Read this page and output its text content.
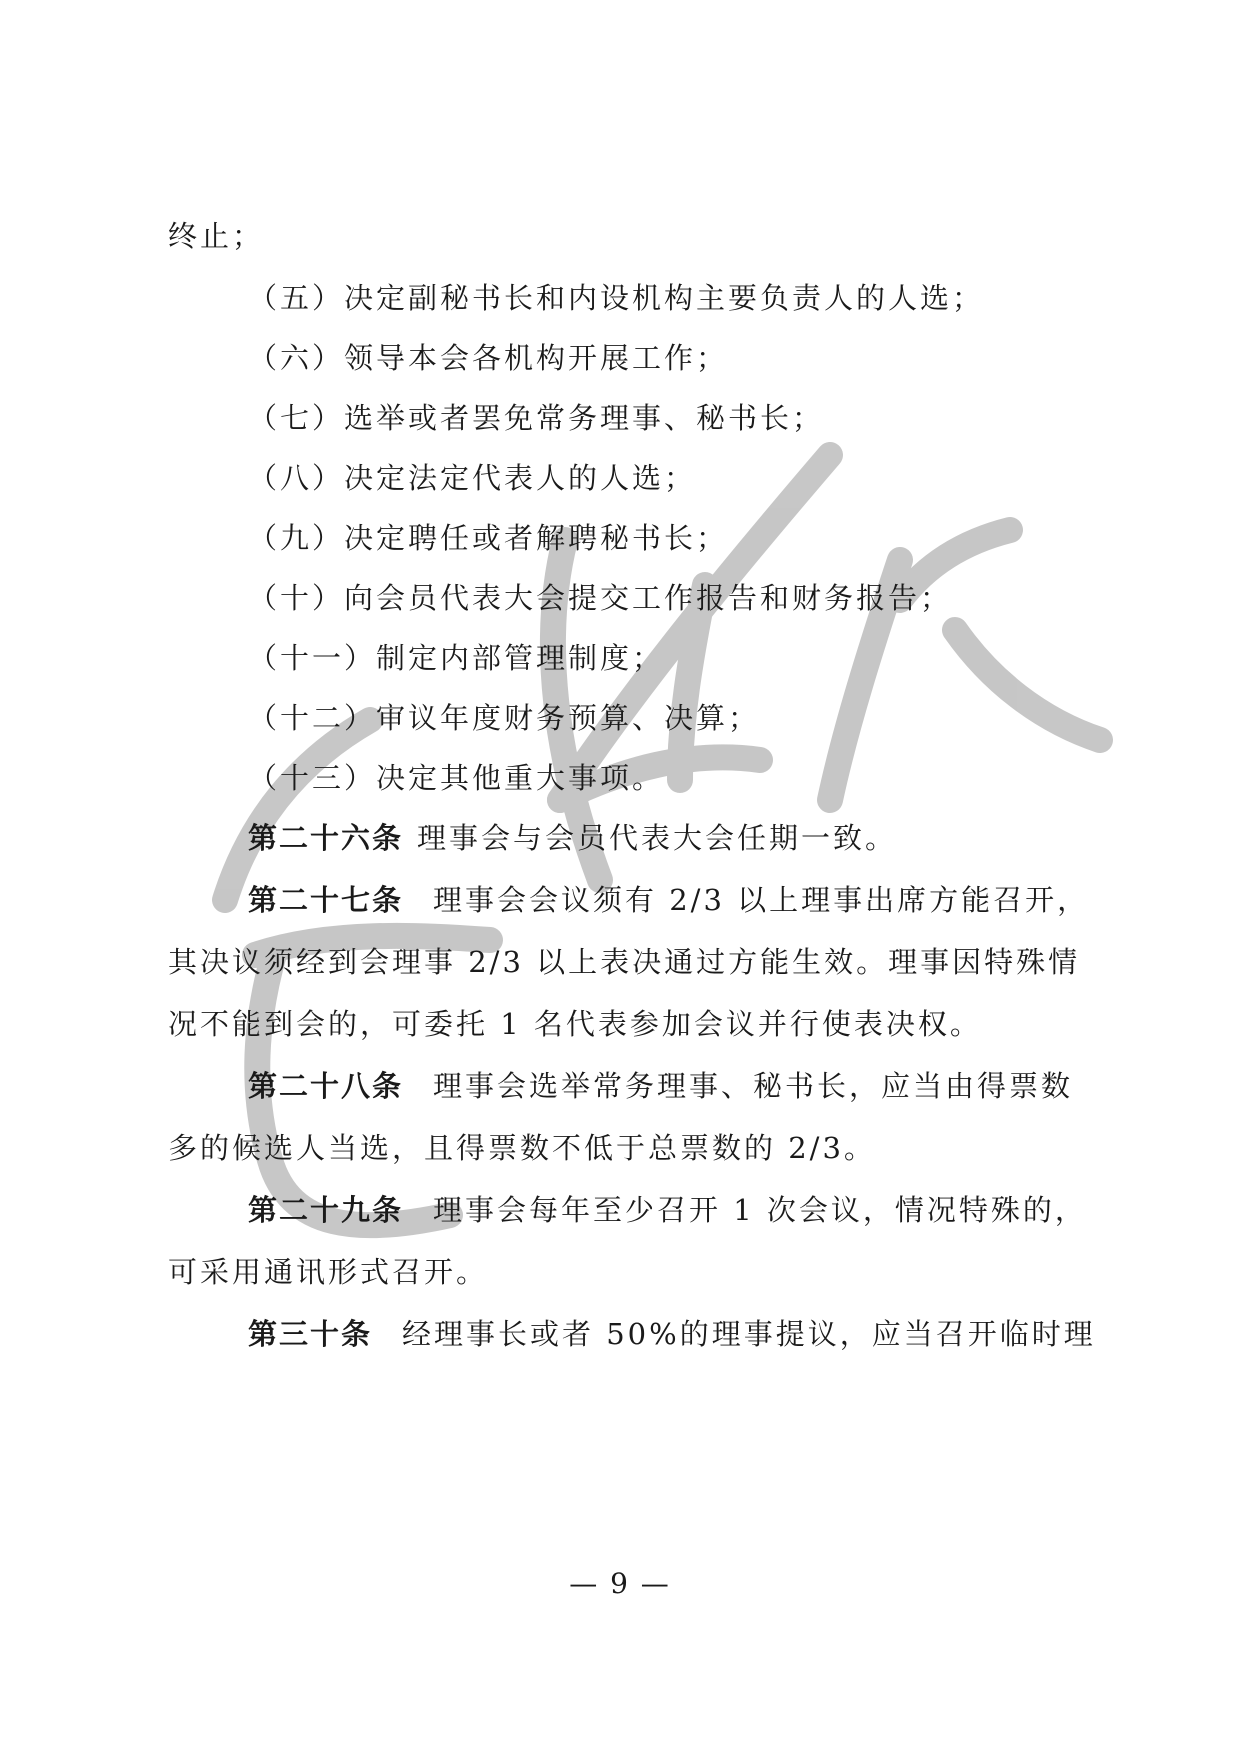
终止；
（五）决定副秘书长和内设机构主要负责人的人选；
（六）领导本会各机构开展工作；
（七）选举或者罢免常务理事、秘书长；
（八）决定法定代表人的人选；
（九）决定聘任或者解聘秘书长；
（十）向会员代表大会提交工作报告和财务报告；
（十一）制定内部管理制度；
（十二）审议年度财务预算、决算；
（十三）决定其他重大事项。
第二十六条 理事会与会员代表大会任期一致。
第二十七条 理事会会议须有 2/3 以上理事出席方能召开，
其决议须经到会理事 2/3 以上表决通过方能生效。理事因特殊情
况不能到会的，可委托 1 名代表参加会议并行使表决权。
第二十八条 理事会选举常务理事、秘书长，应当由得票数
多的候选人当选，且得票数不低于总票数的 2/3。
第二十九条 理事会每年至少召开 1 次会议，情况特殊的，
可采用通讯形式召开。
第三十条 经理事长或者 50%的理事提议，应当召开临时理
— 9 —
